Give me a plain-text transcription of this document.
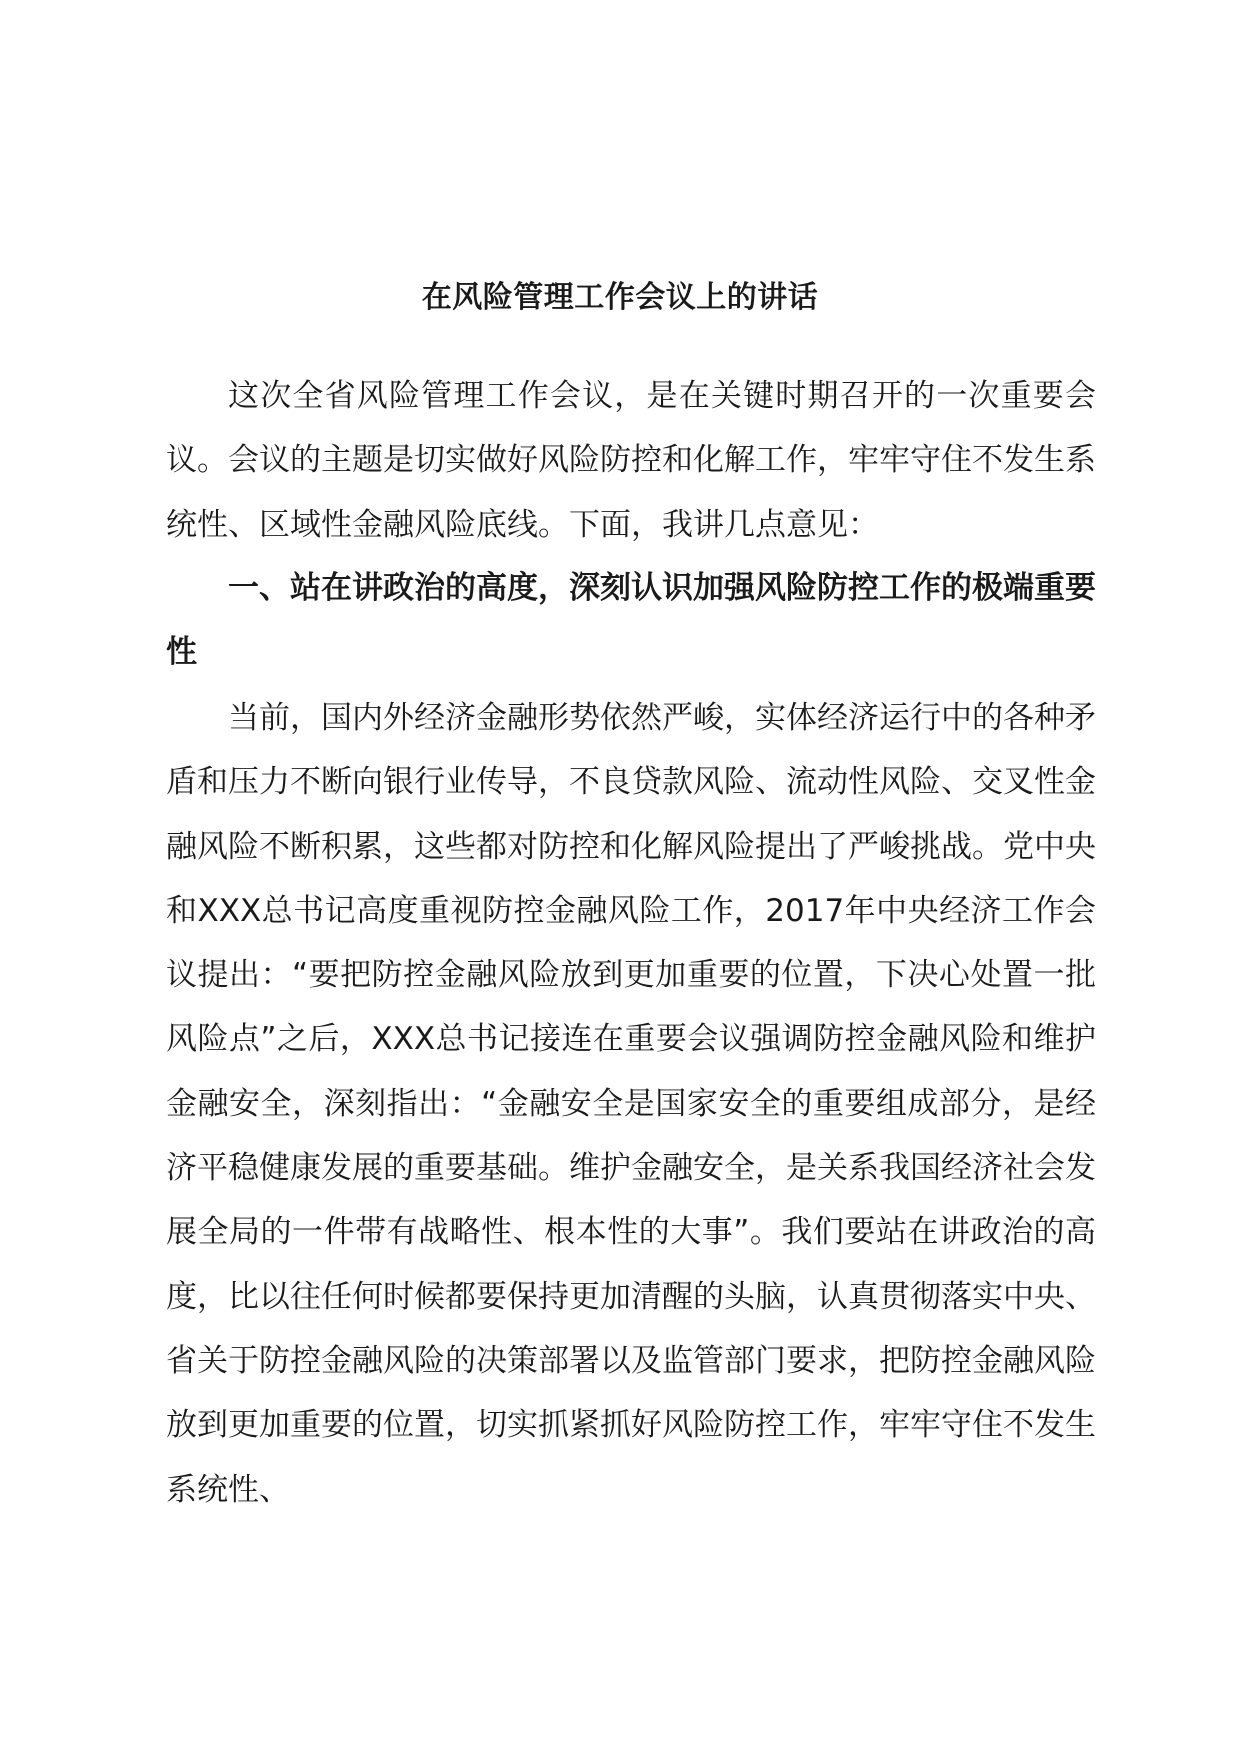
在风险管理工作会议上的讲话

这次全省风险管理工作会议，是在关键时期召开的一次重要会议。会议的主题是切实做好风险防控和化解工作，牢牢守住不发生系统性、区域性金融风险底线。下面，我讲几点意见：

一、站在讲政治的高度，深刻认识加强风险防控工作的极端重要性

当前，国内外经济金融形势依然严峻，实体经济运行中的各种矛盾和压力不断向银行业传导，不良贷款风险、流动性风险、交叉性金融风险不断积累，这些都对防控和化解风险提出了严峻挑战。党中央和XXX总书记高度重视防控金融风险工作，2017年中央经济工作会议提出：“要把防控金融风险放到更加重要的位置，下决心处置一批风险点”之后，XXX总书记接连在重要会议强调防控金融风险和维护金融安全，深刻指出：“金融安全是国家安全的重要组成部分，是经济平稳健康发展的重要基础。维护金融安全，是关系我国经济社会发展全局的一件带有战略性、根本性的大事”。我们要站在讲政治的高度，比以往任何时候都要保持更加清醒的头脑，认真贯彻落实中央、省关于防控金融风险的决策部署以及监管部门要求，把防控金融风险放到更加重要的位置，切实抓紧抓好风险防控工作，牢牢守住不发生系统性、
